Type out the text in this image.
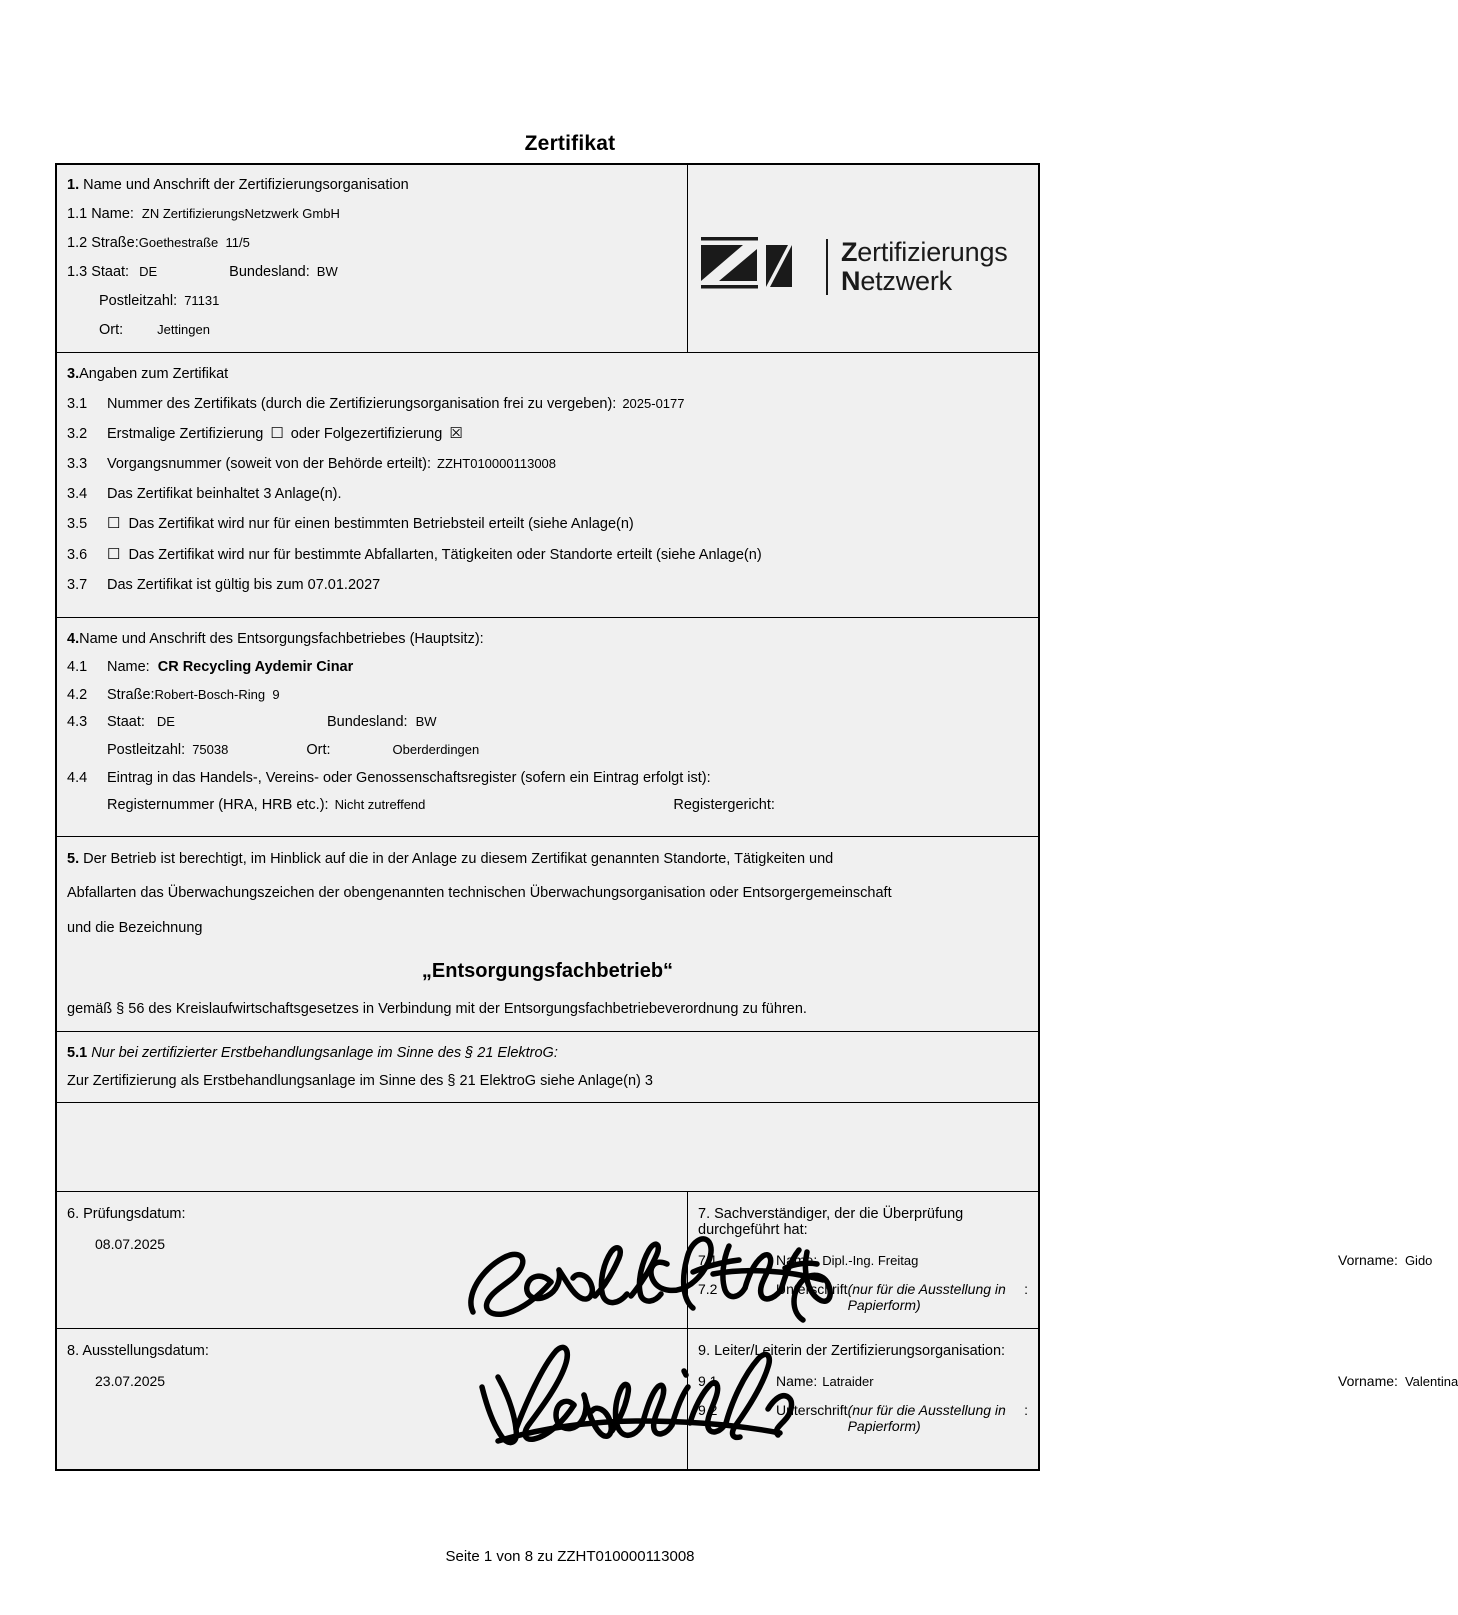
Zertifikat
1. Name und Anschrift der Zertifizierungsorganisation
1.1 Name: ZN ZertifizierungsNetzwerk GmbH
1.2 Straße:Goethestraße  11/5
1.3 Staat: DE	Bundesland: BW
Postleitzahl: 71131
Ort:	Jettingen

Zertifizierungs
Netzwerk

3. Angaben zum Zertifikat
3.1	Nummer des Zertifikats (durch die Zertifizierungsorganisation frei zu vergeben): 2025-0177
3.2	Erstmalige Zertifizierung ☐ oder Folgezertifizierung ☒
3.3	Vorgangsnummer (soweit von der Behörde erteilt): ZZHT010000113008
3.4	Das Zertifikat beinhaltet 3 Anlage(n).
3.5	☐ Das Zertifikat wird nur für einen bestimmten Betriebsteil erteilt (siehe Anlage(n)
3.6	☐ Das Zertifikat wird nur für bestimmte Abfallarten, Tätigkeiten oder Standorte erteilt (siehe Anlage(n)
3.7	Das Zertifikat ist gültig bis zum 07.01.2027

4. Name und Anschrift des Entsorgungsfachbetriebes (Hauptsitz):
4.1	Name: CR Recycling Aydemir Cinar
4.2	Straße: Robert-Bosch-Ring  9
4.3	Staat: DE	Bundesland: BW
Postleitzahl: 75038	Ort:	Oberderdingen
4.4	Eintrag in das Handels-, Vereins- oder Genossenschaftsregister (sofern ein Eintrag erfolgt ist):
Registernummer (HRA, HRB etc.): Nicht zutreffend	Registergericht:

5. Der Betrieb ist berechtigt, im Hinblick auf die in der Anlage zu diesem Zertifikat genannten Standorte, Tätigkeiten und

Abfallarten das Überwachungszeichen der obengenannten technischen Überwachungsorganisation oder Entsorgergemeinschaft

und die Bezeichnung

„Entsorgungsfachbetrieb“

gemäß § 56 des Kreislaufwirtschaftsgesetzes in Verbindung mit der Entsorgungsfachbetriebeverordnung zu führen.	

5.1 Nur bei zertifizierter Erstbehandlungsanlage im Sinne des § 21 ElektroG:

Zur Zertifizierung als Erstbehandlungsanlage im Sinne des § 21 ElektroG siehe Anlage(n) 3	

6. Prüfungsdatum:
08.07.2025

7. Sachverständiger, der die Überprüfung durchgeführt hat:
7.1	Name: Dipl.-Ing. Freitag	Vorname: Gido
7.2	Unterschrift (nur für die Ausstellung in Papierform)
:

8. Ausstellungsdatum:
23.07.2025

9. Leiter/Leiterin der Zertifizierungsorganisation:
9.1	Name: Latraider	Vorname: Valentina
9.2	Unterschrift (nur für die Ausstellung in Papierform)
:
Seite 1 von 8 zu ZZHT010000113008
